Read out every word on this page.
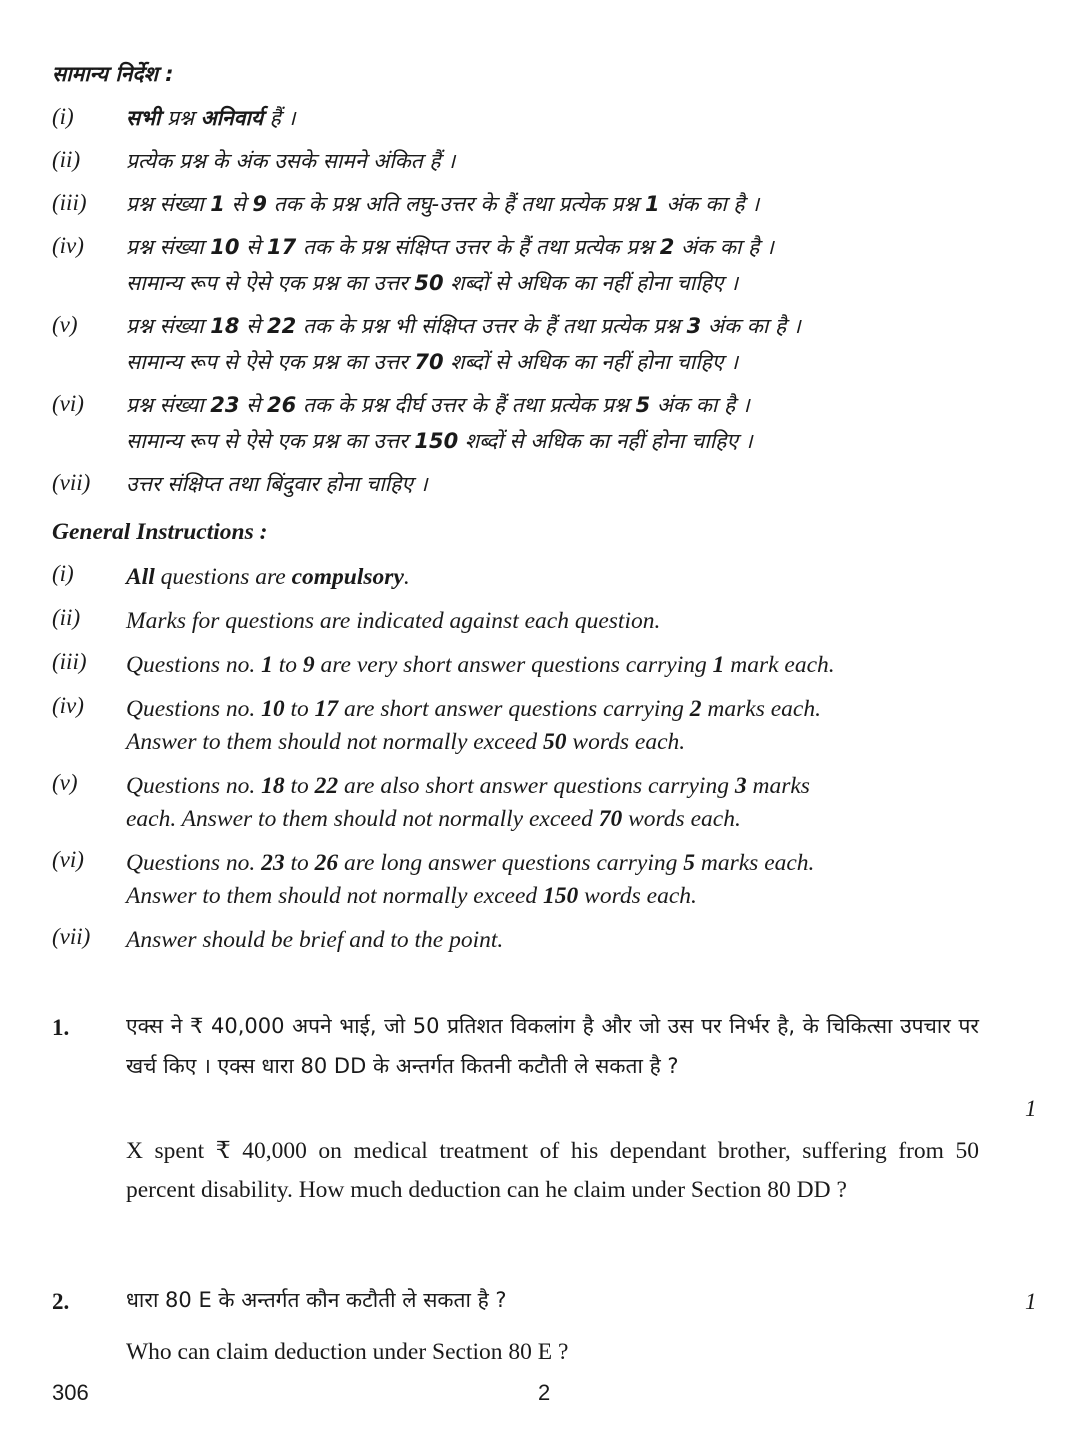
सामान्य निर्देश :
(i) सभी प्रश्न अनिवार्य हैं ।
(ii) प्रत्येक प्रश्न के अंक उसके सामने अंकित हैं ।
(iii) प्रश्न संख्या 1 से 9 तक के प्रश्न अति लघु-उत्तर के हैं तथा प्रत्येक प्रश्न 1 अंक का है ।
(iv) प्रश्न संख्या 10 से 17 तक के प्रश्न संक्षिप्त उत्तर के हैं तथा प्रत्येक प्रश्न 2 अंक का है ।
सामान्य रूप से ऐसे एक प्रश्न का उत्तर 50 शब्दों से अधिक का नहीं होना चाहिए ।
(v) प्रश्न संख्या 18 से 22 तक के प्रश्न भी संक्षिप्त उत्तर के हैं तथा प्रत्येक प्रश्न 3 अंक का है ।
सामान्य रूप से ऐसे एक प्रश्न का उत्तर 70 शब्दों से अधिक का नहीं होना चाहिए ।
(vi) प्रश्न संख्या 23 से 26 तक के प्रश्न दीर्घ उत्तर के हैं तथा प्रत्येक प्रश्न 5 अंक का है ।
सामान्य रूप से ऐसे एक प्रश्न का उत्तर 150 शब्दों से अधिक का नहीं होना चाहिए ।
(vii) उत्तर संक्षिप्त तथा बिंदुवार होना चाहिए ।
General Instructions :
(i) All questions are compulsory.
(ii) Marks for questions are indicated against each question.
(iii) Questions no. 1 to 9 are very short answer questions carrying 1 mark each.
(iv) Questions no. 10 to 17 are short answer questions carrying 2 marks each.
Answer to them should not normally exceed 50 words each.
(v) Questions no. 18 to 22 are also short answer questions carrying 3 marks
each. Answer to them should not normally exceed 70 words each.
(vi) Questions no. 23 to 26 are long answer questions carrying 5 marks each.
Answer to them should not normally exceed 150 words each.
(vii) Answer should be brief and to the point.
1.	एक्स ने ₹ 40,000 अपने भाई, जो 50 प्रतिशत विकलांग है और जो उस पर निर्भर है, के चिकित्सा उपचार पर खर्च किए । एक्स धारा 80 DD के अन्तर्गत कितनी कटौती ले सकता है ?
1
X spent ₹ 40,000 on medical treatment of his dependant brother, suffering from 50 percent disability. How much deduction can he claim under Section 80 DD ?
2.	धारा 80 E के अन्तर्गत कौन कटौती ले सकता है ?	1
Who can claim deduction under Section 80 E ?
306	2
